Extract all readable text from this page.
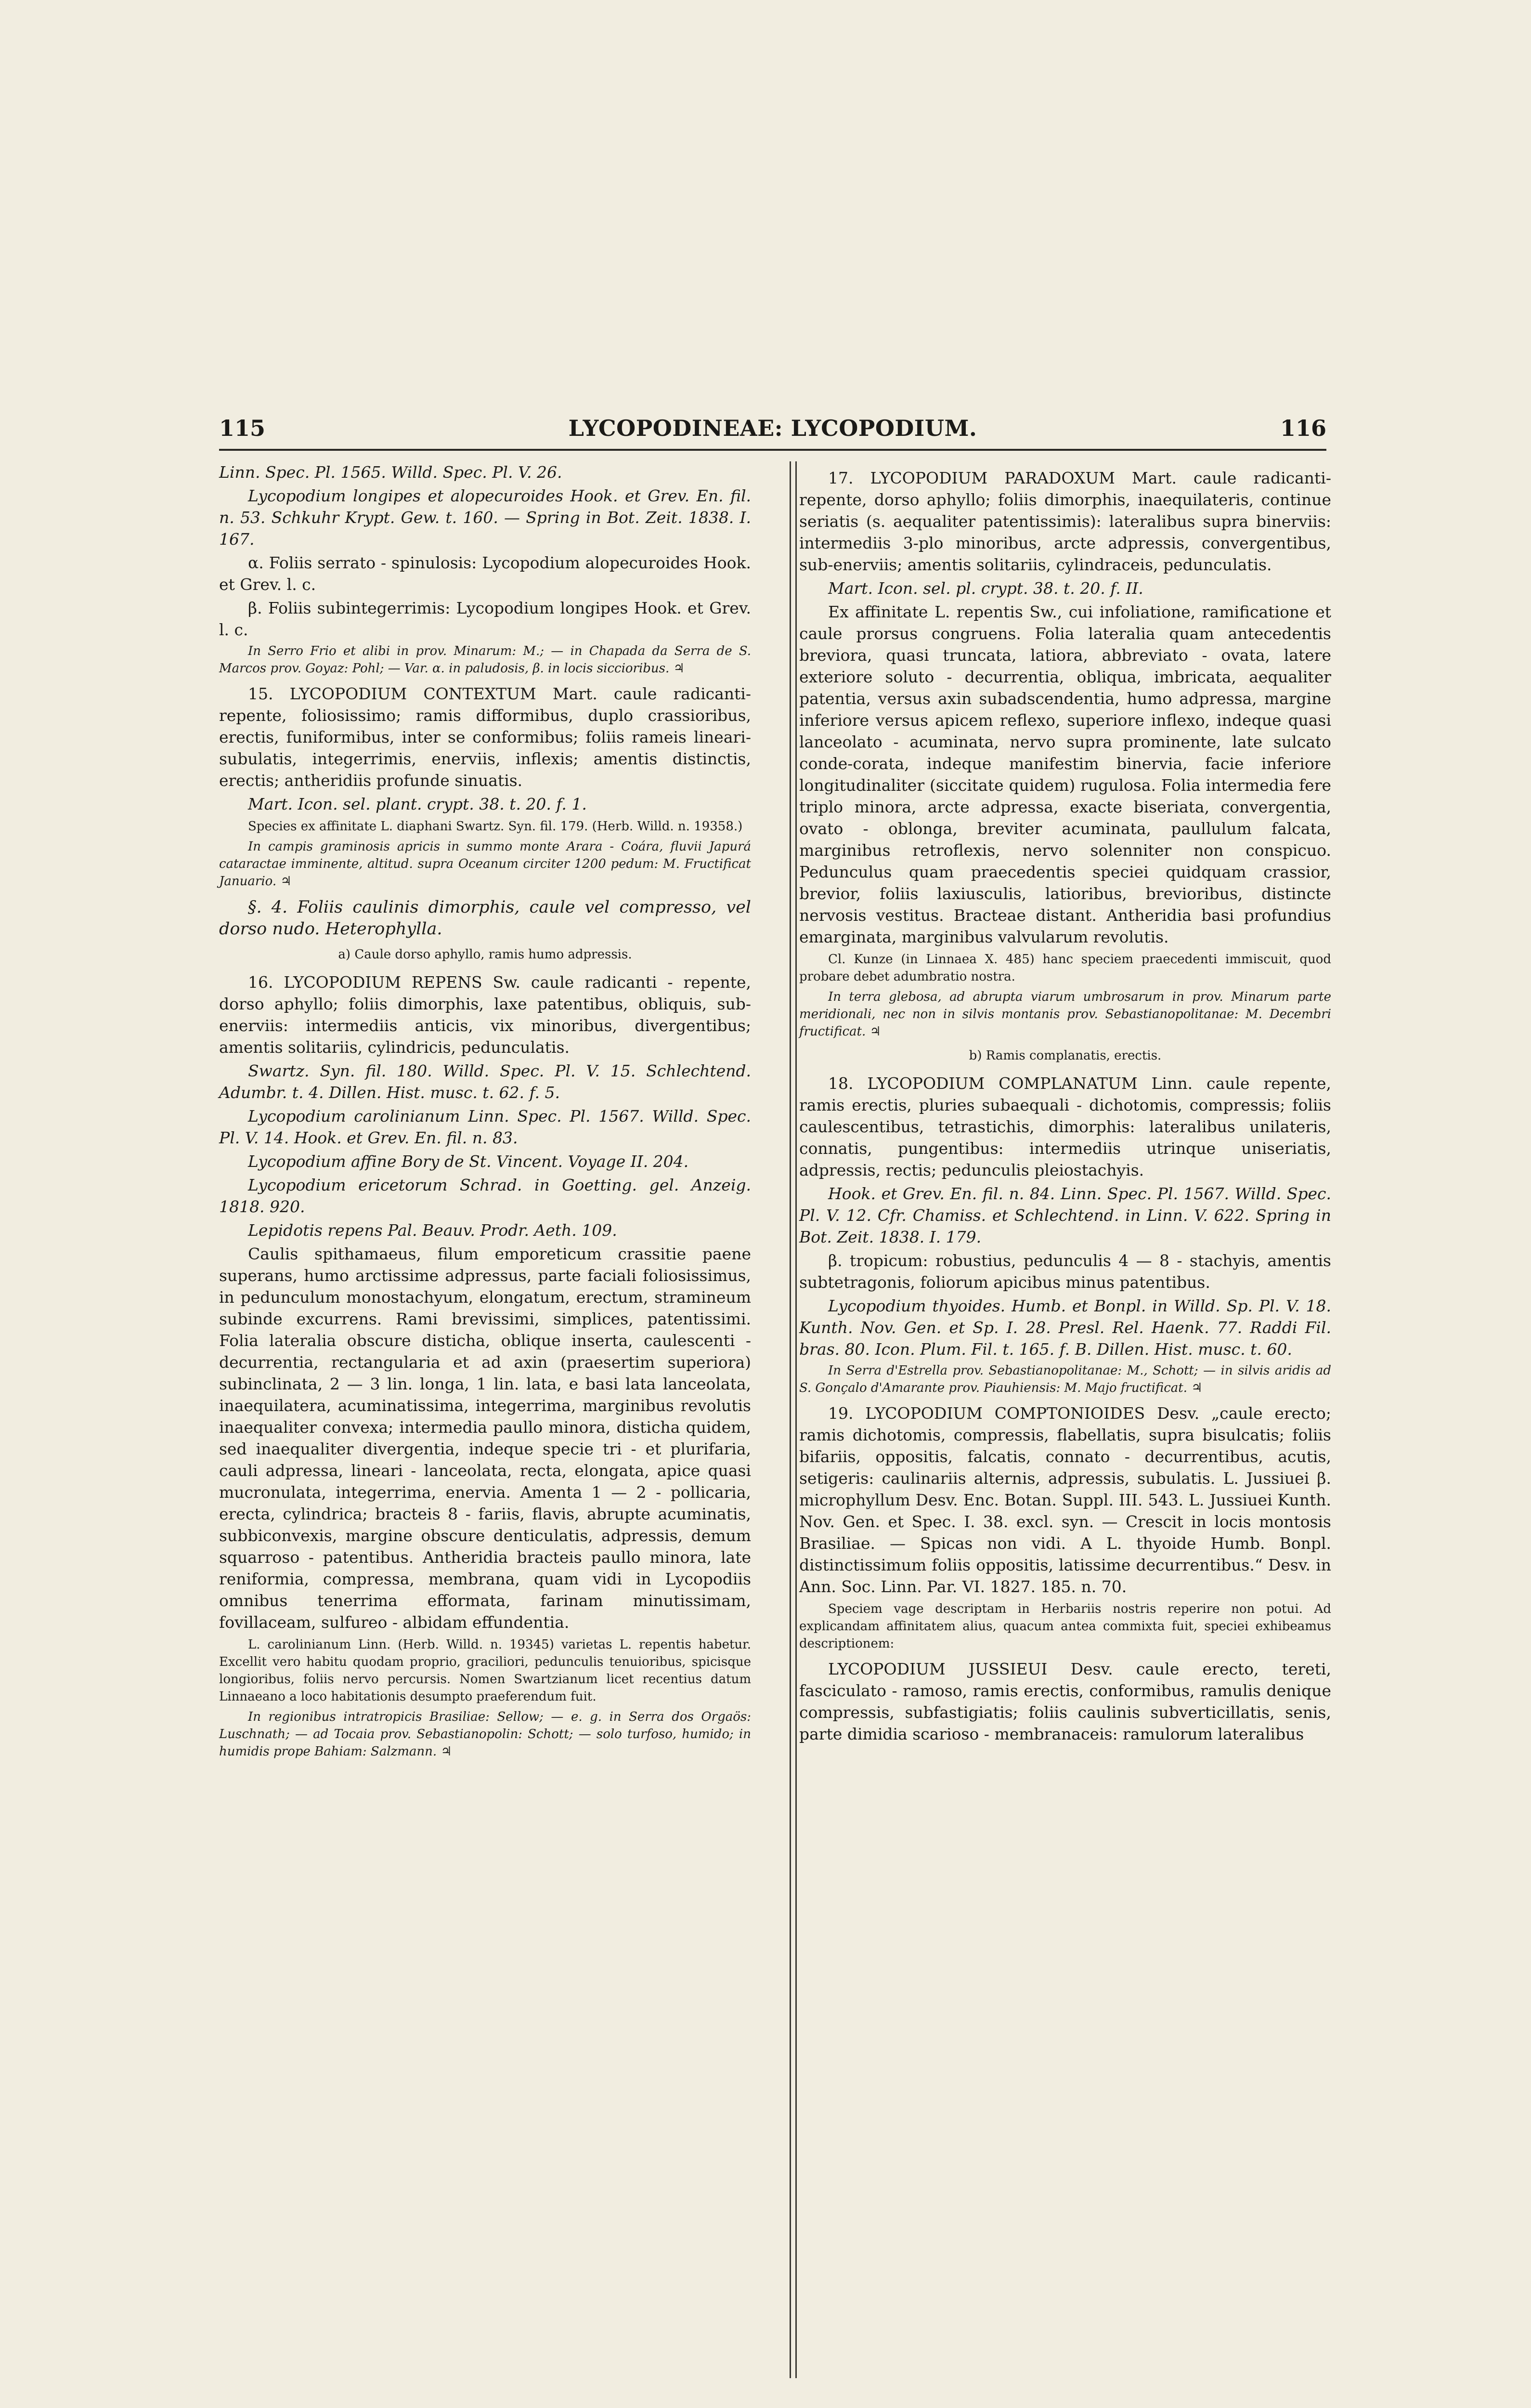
115	LYCOPODINEAE: LYCOPODIUM.	116

Linn. Spec. Pl. 1565. Willd. Spec. Pl. V. 26.

Lycopodium longipes et alopecuroides Hook. et Grev. En. fil. n. 53. Schkuhr Krypt. Gew. t. 160. — Spring in Bot. Zeit. 1838. I. 167.

α. Foliis serrato - spinulosis: Lycopodium alopecuroides Hook. et Grev. l. c.

β. Foliis subintegerrimis: Lycopodium longipes Hook. et Grev. l. c.

In Serro Frio et alibi in prov. Minarum: M.; — in Chapada da Serra de S. Marcos prov. Goyaz: Pohl; — Var. α. in paludosis, β. in locis siccioribus. ♃

15. LYCOPODIUM CONTEXTUM Mart. caule radicanti-repente, foliosissimo; ramis difformibus, duplo crassioribus, erectis, funiformibus, inter se conformibus; foliis rameis lineari-subulatis, integerrimis, enerviis, inflexis; amentis distinctis, erectis; antheridiis profunde sinuatis.

Mart. Icon. sel. plant. crypt. 38. t. 20. f. 1.

Species ex affinitate L. diaphani Swartz. Syn. fil. 179. (Herb. Willd. n. 19358.)

In campis graminosis apricis in summo monte Arara - Coára, fluvii Japurá cataractae imminente, altitud. supra Oceanum circiter 1200 pedum: M. Fructificat Januario. ♃

§. 4. Foliis caulinis dimorphis, caule vel compresso, vel dorso nudo. Heterophylla.

a) Caule dorso aphyllo, ramis humo adpressis.

16. LYCOPODIUM REPENS Sw. caule radicanti - repente, dorso aphyllo; foliis dimorphis, laxe patentibus, obliquis, sub-enerviis: intermediis anticis, vix minoribus, divergentibus; amentis solitariis, cylindricis, pedunculatis.

Swartz. Syn. fil. 180. Willd. Spec. Pl. V. 15. Schlechtend. Adumbr. t. 4. Dillen. Hist. musc. t. 62. f. 5.

Lycopodium carolinianum Linn. Spec. Pl. 1567. Willd. Spec. Pl. V. 14. Hook. et Grev. En. fil. n. 83.

Lycopodium affine Bory de St. Vincent. Voyage II. 204.

Lycopodium ericetorum Schrad. in Goetting. gel. Anzeig. 1818. 920.

Lepidotis repens Pal. Beauv. Prodr. Aeth. 109.

Caulis spithamaeus, filum emporeticum crassitie paene superans, humo arctissime adpressus, parte faciali foliosissimus, in pedunculum monostachyum, elongatum, erectum, stramineum subinde excurrens. Rami brevissimi, simplices, patentissimi. Folia lateralia obscure disticha, oblique inserta, caulescenti - decurrentia, rectangularia et ad axin (praesertim superiora) subinclinata, 2 — 3 lin. longa, 1 lin. lata, e basi lata lanceolata, inaequilatera, acuminatissima, integerrima, marginibus revolutis inaequaliter convexa; intermedia paullo minora, disticha quidem, sed inaequaliter divergentia, indeque specie tri - et plurifaria, cauli adpressa, lineari - lanceolata, recta, elongata, apice quasi mucronulata, integerrima, enervia. Amenta 1 — 2 - pollicaria, erecta, cylindrica; bracteis 8 - fariis, flavis, abrupte acuminatis, subbiconvexis, margine obscure denticulatis, adpressis, demum squarroso - patentibus. Antheridia bracteis paullo minora, late reniformia, compressa, membrana, quam vidi in Lycopodiis omnibus tenerrima efformata, farinam minutissimam, fovillaceam, sulfureo - albidam effundentia.

L. carolinianum Linn. (Herb. Willd. n. 19345) varietas L. repentis habetur. Excellit vero habitu quodam proprio, graciliori, pedunculis tenuioribus, spicisque longioribus, foliis nervo percursis. Nomen Swartzianum licet recentius datum Linnaeano a loco habitationis desumpto praeferendum fuit.

In regionibus intratropicis Brasiliae: Sellow; — e. g. in Serra dos Orgaös: Luschnath; — ad Tocaia prov. Sebastianopolin: Schott; — solo turfoso, humido; in humidis prope Bahiam: Salzmann. ♃

17. LYCOPODIUM PARADOXUM Mart. caule radicanti-repente, dorso aphyllo; foliis dimorphis, inaequilateris, continue seriatis (s. aequaliter patentissimis): lateralibus supra binerviis: intermediis 3-plo minoribus, arcte adpressis, convergentibus, sub-enerviis; amentis solitariis, cylindraceis, pedunculatis.

Mart. Icon. sel. pl. crypt. 38. t. 20. f. II.

Ex affinitate L. repentis Sw., cui infoliatione, ramificatione et caule prorsus congruens. Folia lateralia quam antecedentis breviora, quasi truncata, latiora, abbreviato - ovata, latere exteriore soluto - decurrentia, obliqua, imbricata, aequaliter patentia, versus axin subadscendentia, humo adpressa, margine inferiore versus apicem reflexo, superiore inflexo, indeque quasi lanceolato - acuminata, nervo supra prominente, late sulcato conde-corata, indeque manifestim binervia, facie inferiore longitudinaliter (siccitate quidem) rugulosa. Folia intermedia fere triplo minora, arcte adpressa, exacte biseriata, convergentia, ovato - oblonga, breviter acuminata, paullulum falcata, marginibus retroflexis, nervo solenniter non conspicuo. Pedunculus quam praecedentis speciei quidquam crassior, brevior, foliis laxiusculis, latioribus, brevioribus, distincte nervosis vestitus. Bracteae distant. Antheridia basi profundius emarginata, marginibus valvularum revolutis.

Cl. Kunze (in Linnaea X. 485) hanc speciem praecedenti immiscuit, quod probare debet adumbratio nostra.

In terra glebosa, ad abrupta viarum umbrosarum in prov. Minarum parte meridionali, nec non in silvis montanis prov. Sebastianopolitanae: M. Decembri fructificat. ♃

b) Ramis complanatis, erectis.

18. LYCOPODIUM COMPLANATUM Linn. caule repente, ramis erectis, pluries subaequali - dichotomis, compressis; foliis caulescentibus, tetrastichis, dimorphis: lateralibus unilateris, connatis, pungentibus: intermediis utrinque uniseriatis, adpressis, rectis; pedunculis pleiostachyis.

Hook. et Grev. En. fil. n. 84. Linn. Spec. Pl. 1567. Willd. Spec. Pl. V. 12. Cfr. Chamiss. et Schlechtend. in Linn. V. 622. Spring in Bot. Zeit. 1838. I. 179.

β. tropicum: robustius, pedunculis 4 — 8 - stachyis, amentis subtetragonis, foliorum apicibus minus patentibus.

Lycopodium thyoides. Humb. et Bonpl. in Willd. Sp. Pl. V. 18. Kunth. Nov. Gen. et Sp. I. 28. Presl. Rel. Haenk. 77. Raddi Fil. bras. 80. Icon. Plum. Fil. t. 165. f. B. Dillen. Hist. musc. t. 60.

In Serra d'Estrella prov. Sebastianopolitanae: M., Schott; — in silvis aridis ad S. Gonçalo d'Amarante prov. Piauhiensis: M. Majo fructificat. ♃

19. LYCOPODIUM COMPTONIOIDES Desv. „caule erecto; ramis dichotomis, compressis, flabellatis, supra bisulcatis; foliis bifariis, oppositis, falcatis, connato - decurrentibus, acutis, setigeris: caulinariis alternis, adpressis, subulatis. L. Jussiuei β. microphyllum Desv. Enc. Botan. Suppl. III. 543. L. Jussiuei Kunth. Nov. Gen. et Spec. I. 38. excl. syn. — Crescit in locis montosis Brasiliae. — Spicas non vidi. A L. thyoide Humb. Bonpl. distinctissimum foliis oppositis, latissime decurrentibus.“ Desv. in Ann. Soc. Linn. Par. VI. 1827. 185. n. 70.

Speciem vage descriptam in Herbariis nostris reperire non potui. Ad explicandam affinitatem alius, quacum antea commixta fuit, speciei exhibeamus descriptionem:

LYCOPODIUM JUSSIEUI Desv. caule erecto, tereti, fasciculato - ramoso, ramis erectis, conformibus, ramulis denique compressis, subfastigiatis; foliis caulinis subverticillatis, senis, parte dimidia scarioso - membranaceis: ramulorum lateralibus
